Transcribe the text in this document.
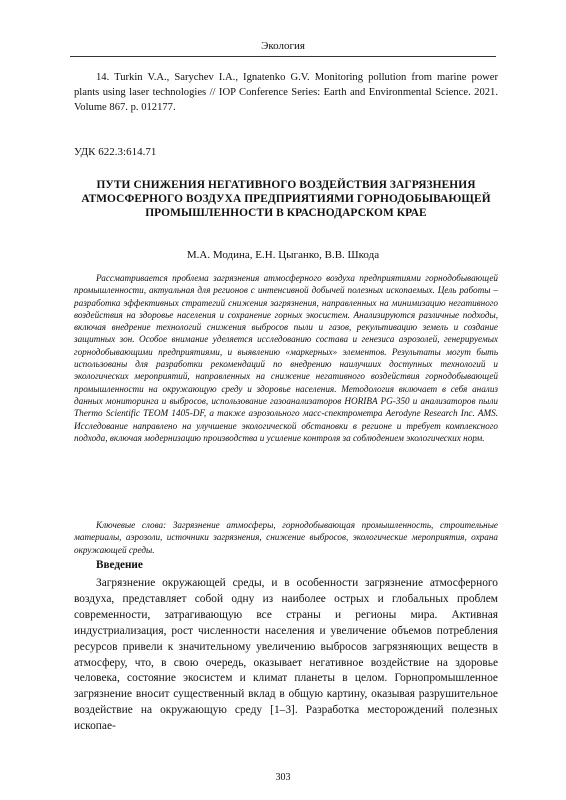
Экология

14. Turkin V.A., Sarychev I.A., Ignatenko G.V. Monitoring pollution from marine power plants using laser technologies // IOP Conference Series: Earth and Environmental Science. 2021. Volume 867. p. 012177.

УДК 622.3:614.71
ПУТИ СНИЖЕНИЯ НЕГАТИВНОГО ВОЗДЕЙСТВИЯ ЗАГРЯЗНЕНИЯ АТМОСФЕРНОГО ВОЗДУХА ПРЕДПРИЯТИЯМИ ГОРНОДОБЫВАЮЩЕЙ ПРОМЫШЛЕННОСТИ В КРАСНОДАРСКОМ КРАЕ
М.А. Модина, Е.Н. Цыганко, В.В. Шкода

Рассматривается проблема загрязнения атмосферного воздуха предприятиями горнодобывающей промышленности, актуальная для регионов с интенсивной добычей полезных ископаемых. Цель работы – разработка эффективных стратегий снижения загрязнения, направленных на минимизацию негативного воздействия на здоровье населения и сохранение горных экосистем. Анализируются различные подходы, включая внедрение технологий снижения выбросов пыли и газов, рекультивацию земель и создание защитных зон. Особое внимание уделяется исследованию состава и генезиса аэрозолей, генерируемых горнодобывающими предприятиями, и выявлению «маркерных» элементов. Результаты могут быть использованы для разработки рекомендаций по внедрению наилучших доступных технологий и экологических мероприятий, направленных на снижение негативного воздействия горнодобывающей промышленности на окружающую среду и здоровье населения. Методология включает в себя анализ данных мониторинга и выбросов, использование газоанализаторов HORIBA PG-350 и анализаторов пыли Thermo Scientific TEOM 1405-DF, а также аэрозольного масс-спектрометра Aerodyne Research Inc. AMS. Исследование направлено на улучшение экологической обстановки в регионе и требует комплексного подхода, включая модернизацию производства и усиление контроля за соблюдением экологических норм.

Ключевые слова: Загрязнение атмосферы, горнодобывающая промышленность, строительные материалы, аэрозоли, источники загрязнения, снижение выбросов, экологические мероприятия, охрана окружающей среды.

Введение

Загрязнение окружающей среды, и в особенности загрязнение атмосферного воздуха, представляет собой одну из наиболее острых и глобальных проблем современности, затрагивающую все страны и регионы мира. Активная индустриализация, рост численности населения и увеличение объемов потребления ресурсов привели к значительному увеличению выбросов загрязняющих веществ в атмосферу, что, в свою очередь, оказывает негативное воздействие на здоровье человека, состояние экосистем и климат планеты в целом. Горнопромышленное загрязнение вносит существенный вклад в общую картину, оказывая разрушительное воздействие на окружающую среду [1–3]. Разработка месторождений полезных ископае-

303
